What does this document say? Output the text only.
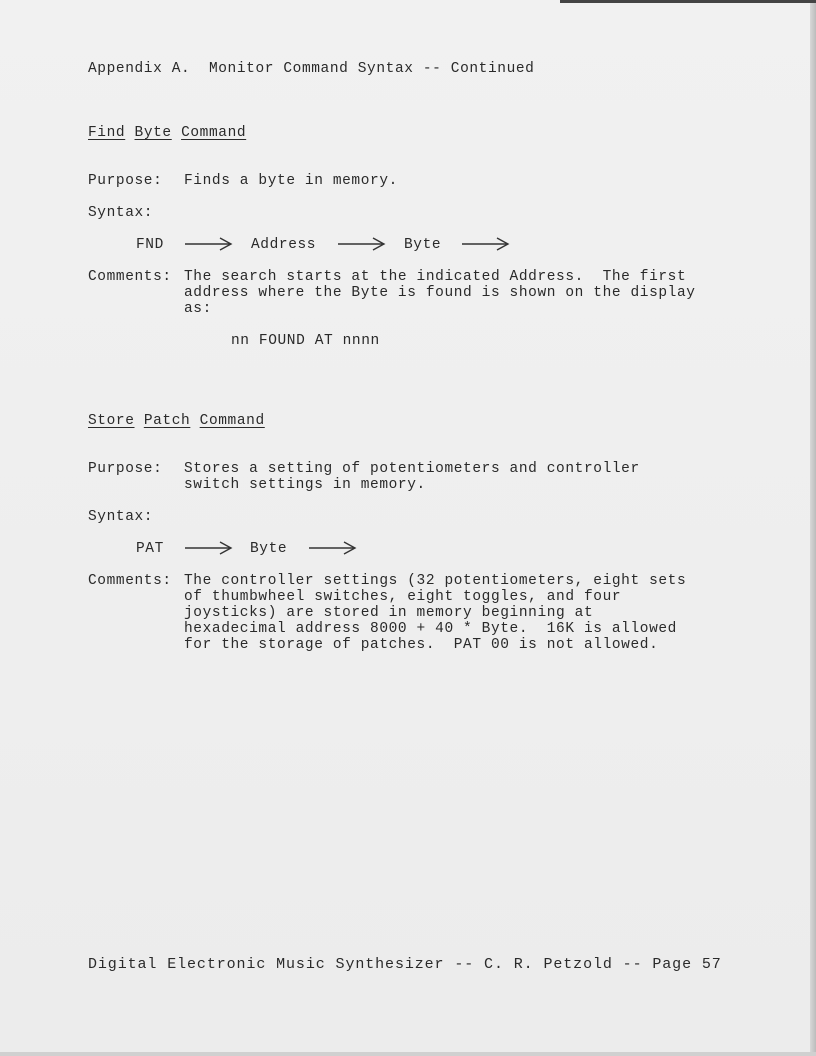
Appendix A. Monitor Command Syntax -- Continued
Find Byte Command
Purpose: Finds a byte in memory.
Syntax:
FND	Address	Byte
Comments: The search starts at the indicated Address.  The first
address where the Byte is found is shown on the display
as:
nn FOUND AT nnnn
Store Patch Command
Purpose: Stores a setting of potentiometers and controller
switch settings in memory.
Syntax:
PAT	Byte
Comments: The controller settings (32 potentiometers, eight sets
of thumbwheel switches, eight toggles, and four
joysticks) are stored in memory beginning at
hexadecimal address 8000 + 40 * Byte.  16K is allowed
for the storage of patches.  PAT 00 is not allowed.
Digital Electronic Music Synthesizer -- C. R. Petzold -- Page 57
